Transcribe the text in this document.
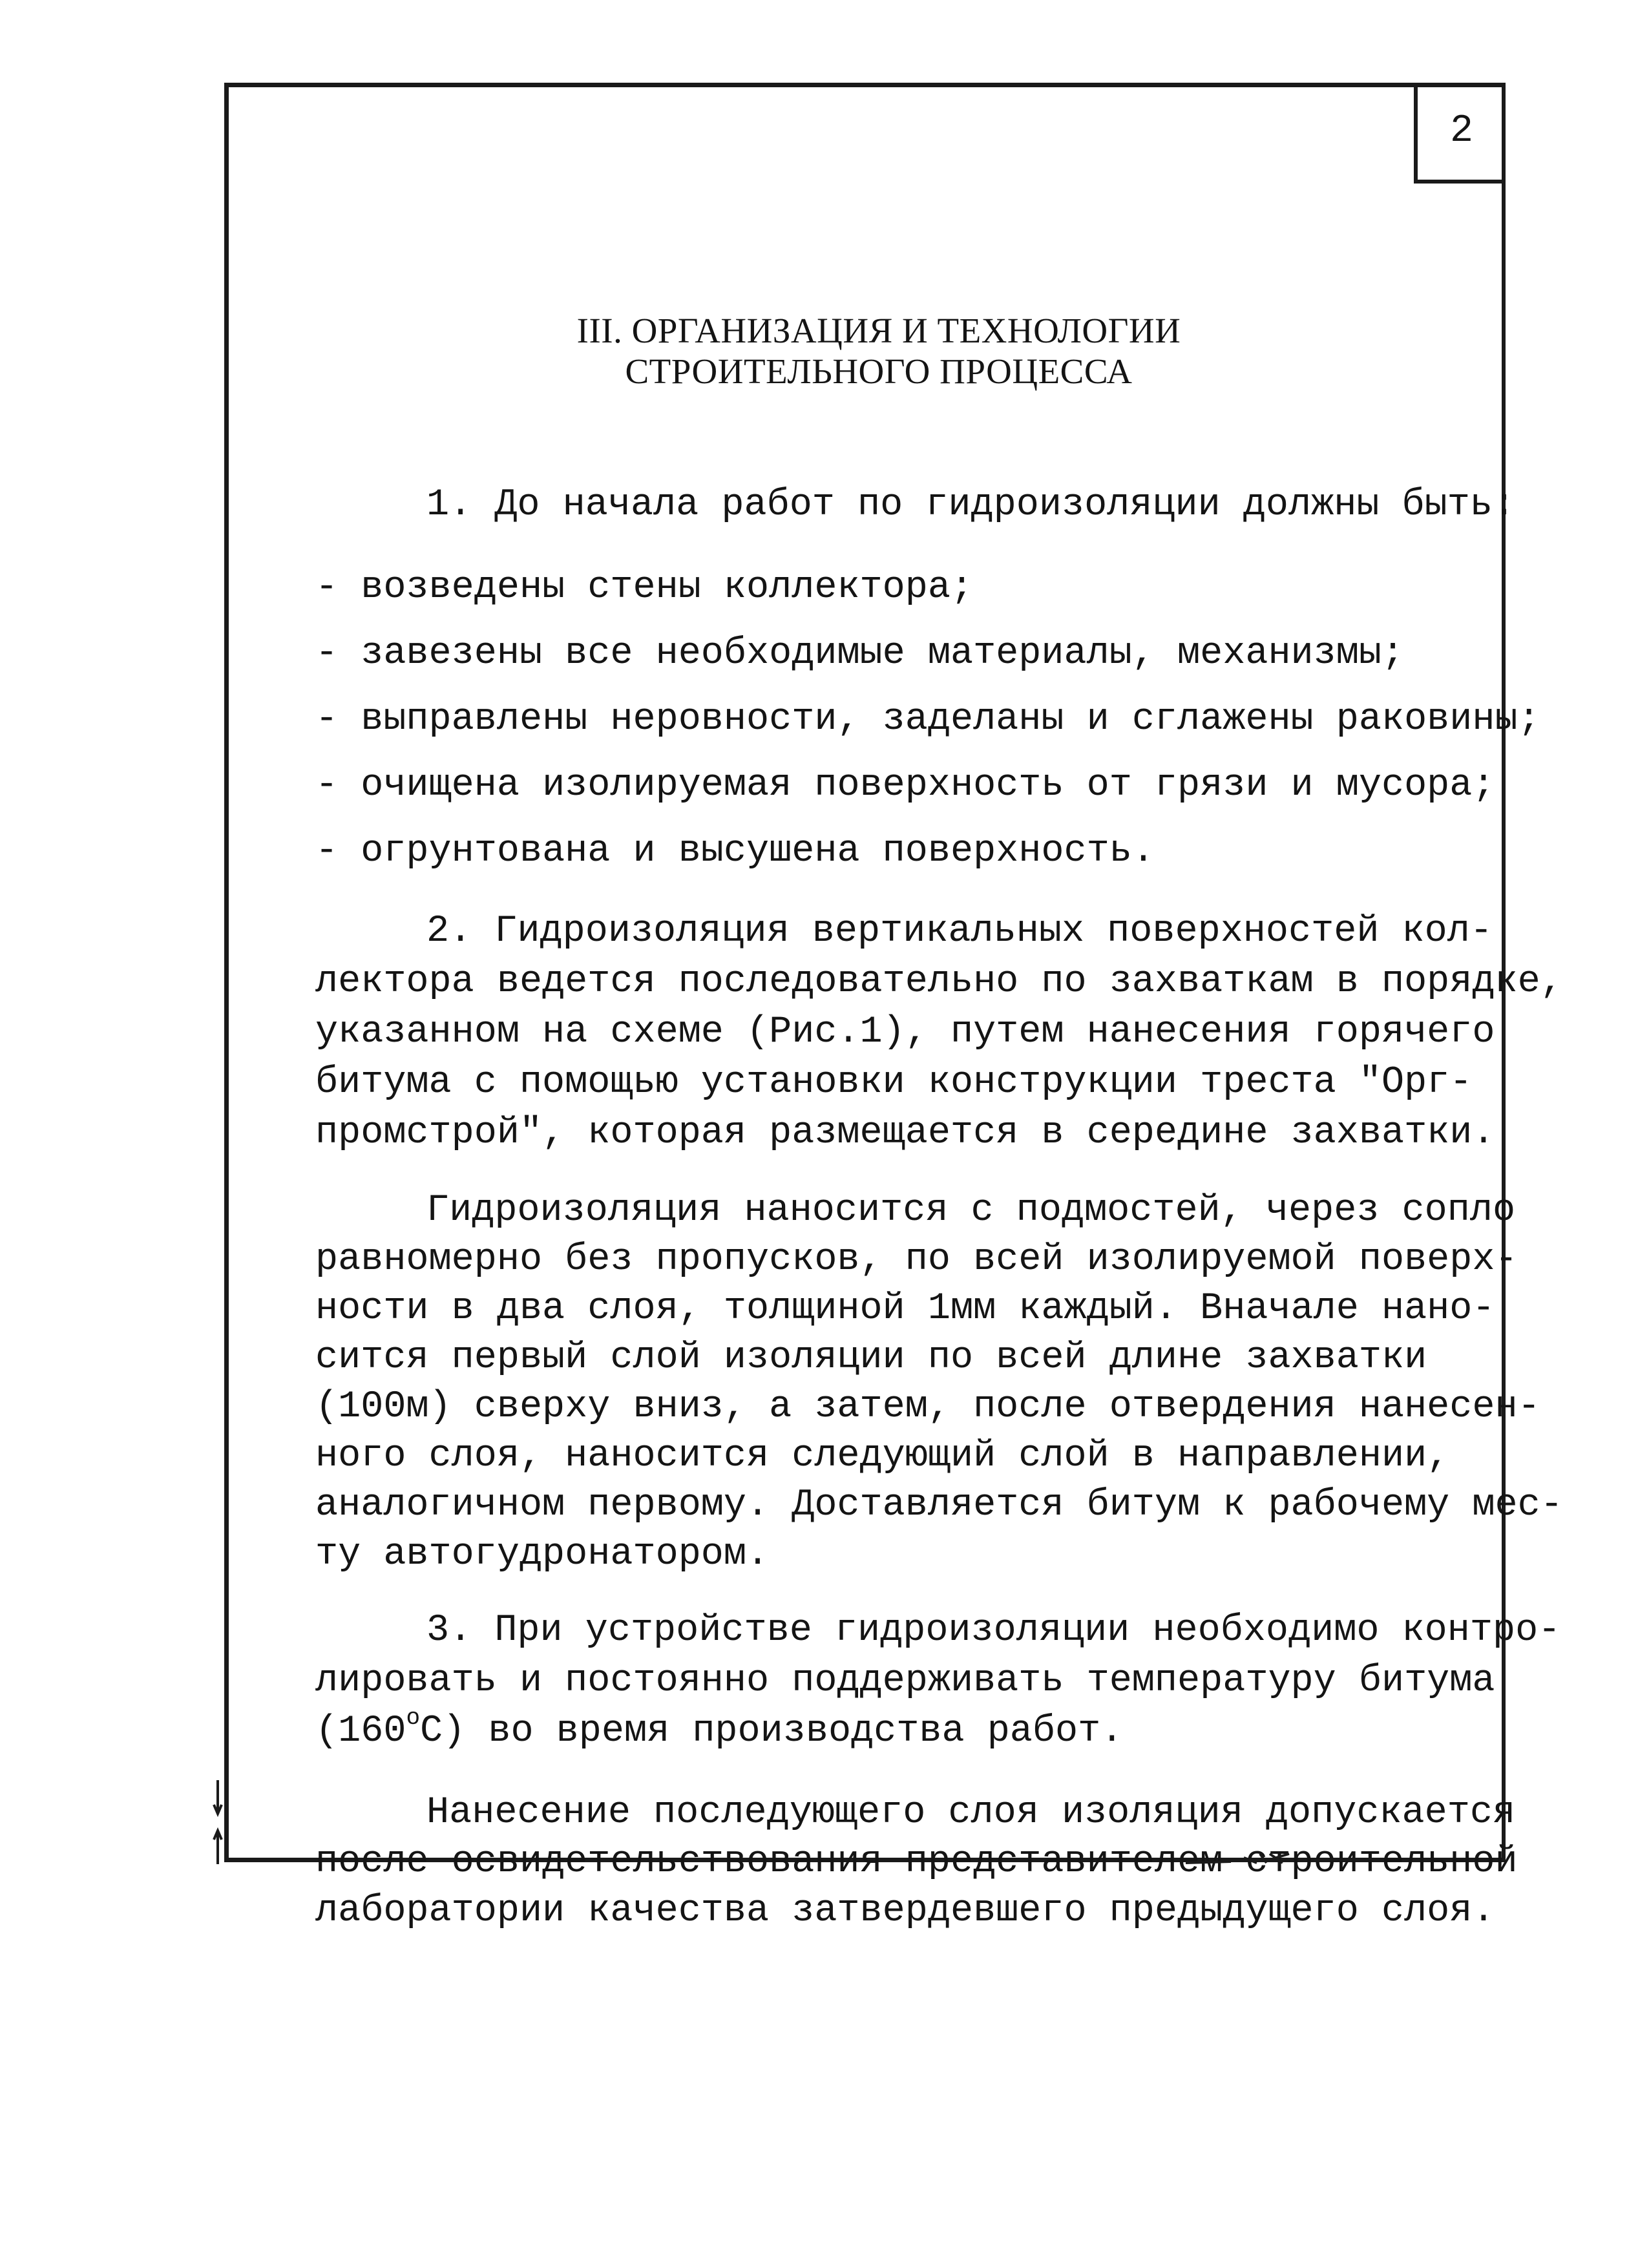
2
III. ОРГАНИЗАЦИЯ И ТЕХНОЛОГИИ
СТРОИТЕЛЬНОГО ПРОЦЕССА
1. До начала работ по гидроизоляции должны быть:
- возведены стены коллектора;
- завезены все необходимые материалы, механизмы;
- выправлены неровности, заделаны и сглажены раковины;
- очищена изолируемая поверхность от грязи и мусора;
- огрунтована и высушена поверхность.
2. Гидроизоляция вертикальных поверхностей кол-
лектора ведется последовательно по захваткам в порядке,
указанном на схеме (Рис.1), путем нанесения горячего
битума с помощью установки конструкции треста "Орг-
промстрой", которая размещается в середине захватки.
Гидроизоляция наносится с подмостей, через сопло
равномерно без пропусков, по всей изолируемой поверх-
ности в два слоя, толщиной 1мм каждый. Вначале нано-
сится первый слой изоляции по всей длине захватки
(100м) сверху вниз, а затем, после отвердения нанесен-
ного слоя, наносится следующий слой в направлении,
аналогичном первому. Доставляется битум к рабочему мес-
ту автогудронатором.
3. При устройстве гидроизоляции необходимо контро-
лировать и постоянно поддерживать температуру битума
(160$^o$С) во время производства работ.
Нанесение последующего слоя изоляция допускается
после освидетельствования представителем строительной
лаборатории качества затвердевшего предыдущего слоя.
